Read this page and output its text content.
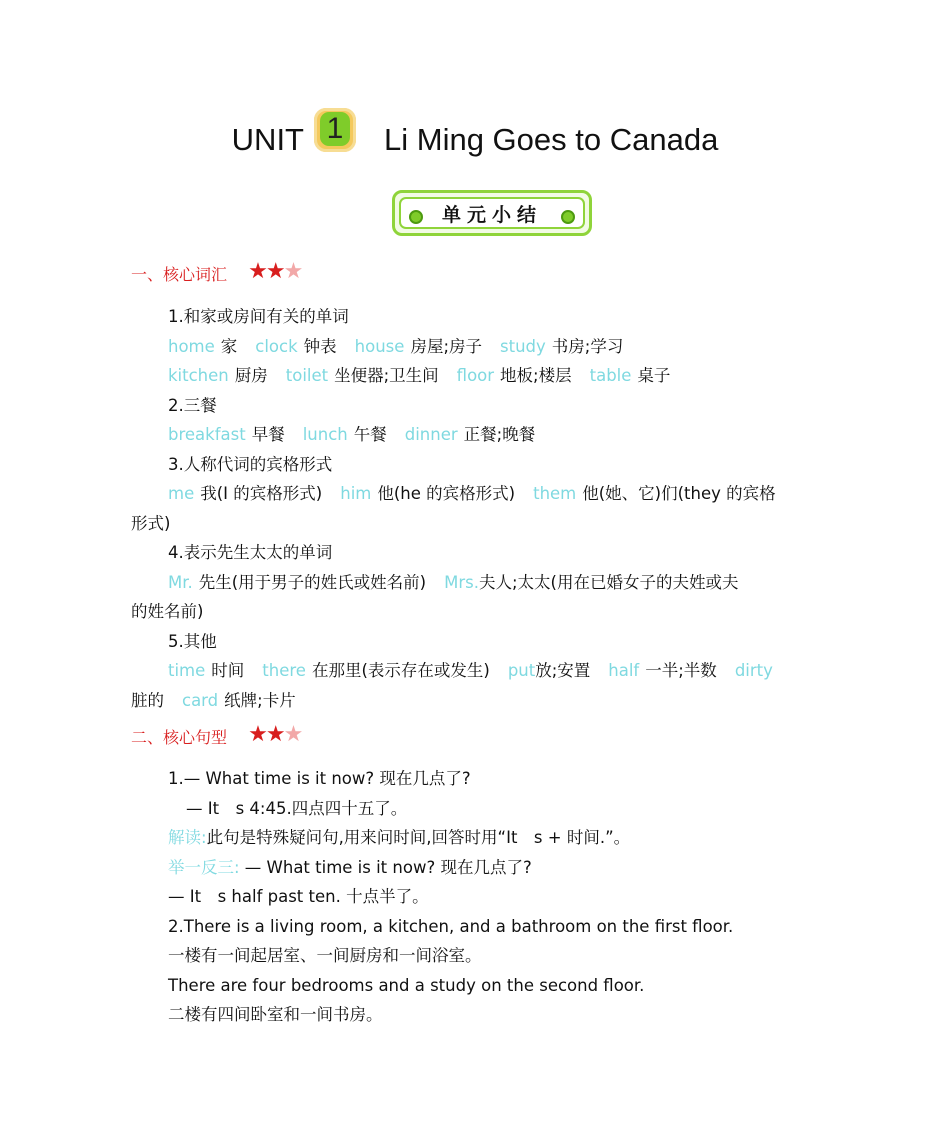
UNIT 1 Li Ming Goes to Canada
单元小结
一、核心词汇 ★★★
1.和家或房间有关的单词
home 家 clock 钟表 house 房屋;房子 study 书房;学习
kitchen 厨房 toilet 坐便器;卫生间 floor 地板;楼层 table 桌子
2.三餐
breakfast 早餐 lunch 午餐 dinner 正餐;晚餐
3.人称代词的宾格形式
me 我(I 的宾格形式) him 他(he 的宾格形式) them 他(她、它)们(they 的宾格
形式)
4.表示先生太太的单词
Mr. 先生(用于男子的姓氏或姓名前) Mrs.夫人;太太(用在已婚女子的夫姓或夫
的姓名前)
5.其他
time 时间 there 在那里(表示存在或发生) put放;安置 half 一半;半数 dirty
脏的 card 纸牌;卡片
二、核心句型 ★★★
1.— What time is it now? 现在几点了?
— It　s 4:45.四点四十五了。
解读:此句是特殊疑问句,用来问时间,回答时用“It　s + 时间.”。
举一反三: — What time is it now? 现在几点了?
— It　s half past ten. 十点半了。
2.There is a living room, a kitchen, and a bathroom on the first floor.
一楼有一间起居室、一间厨房和一间浴室。
There are four bedrooms and a study on the second floor.
二楼有四间卧室和一间书房。
